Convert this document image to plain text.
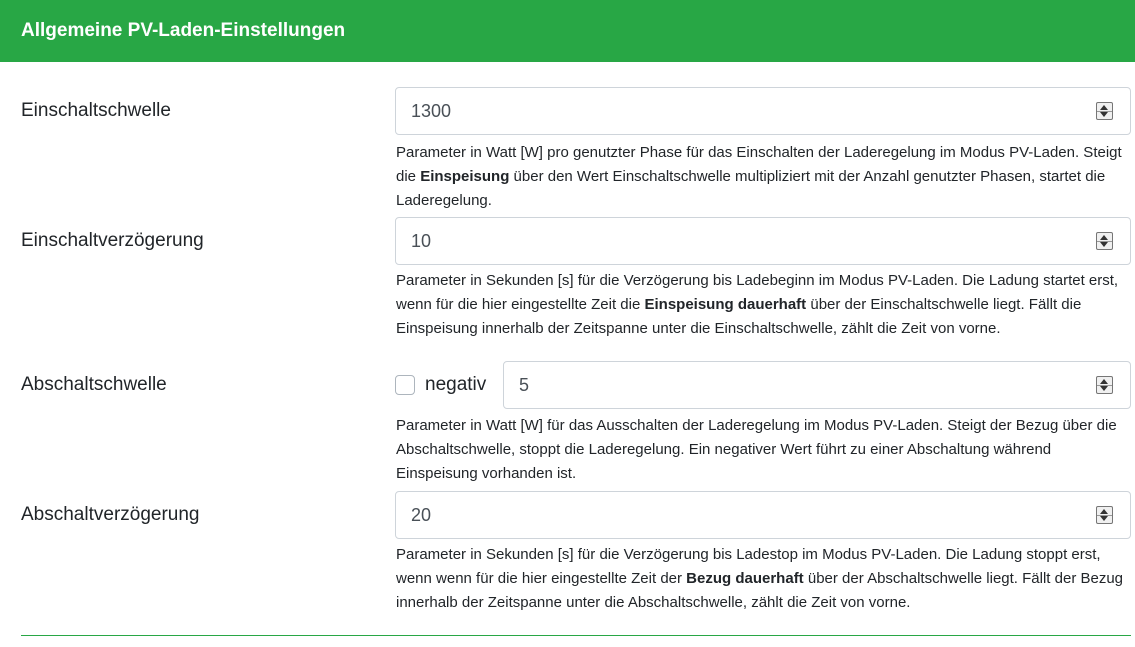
Allgemeine PV-Laden-Einstellungen
Einschaltschwelle	1300
Parameter in Watt [W] pro genutzter Phase für das Einschalten der Laderegelung im Modus PV-Laden. Steigt die Einspeisung über den Wert Einschaltschwelle multipliziert mit der Anzahl genutzter Phasen, startet die Laderegelung.
Einschaltverzögerung	10
Parameter in Sekunden [s] für die Verzögerung bis Ladebeginn im Modus PV-Laden. Die Ladung startet erst, wenn für die hier eingestellte Zeit die Einspeisung dauerhaft über der Einschaltschwelle liegt. Fällt die Einspeisung innerhalb der Zeitspanne unter die Einschaltschwelle, zählt die Zeit von vorne.
Abschaltschwelle	negativ 5
Parameter in Watt [W] für das Ausschalten der Laderegelung im Modus PV-Laden. Steigt der Bezug über die Abschaltschwelle, stoppt die Laderegelung. Ein negativer Wert führt zu einer Abschaltung während Einspeisung vorhanden ist.
Abschaltverzögerung	20
Parameter in Sekunden [s] für die Verzögerung bis Ladestop im Modus PV-Laden. Die Ladung stoppt erst, wenn wenn für die hier eingestellte Zeit der Bezug dauerhaft über der Abschaltschwelle liegt. Fällt der Bezug innerhalb der Zeitspanne unter die Abschaltschwelle, zählt die Zeit von vorne.
